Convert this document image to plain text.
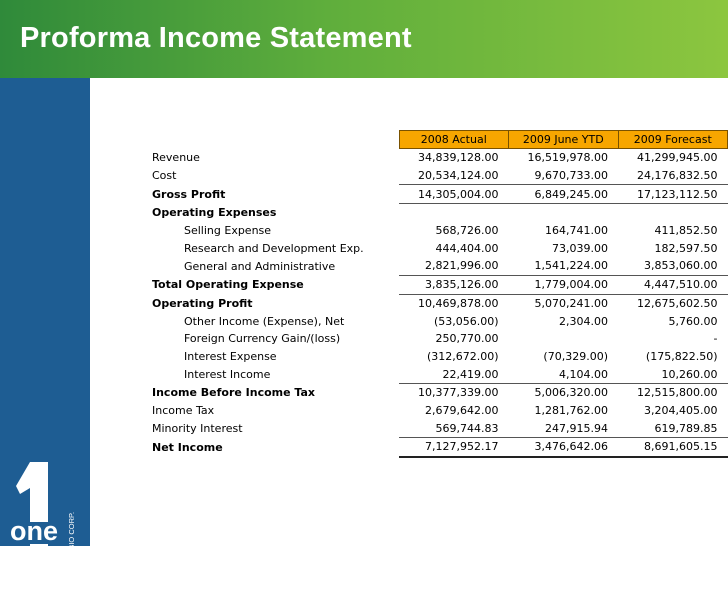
Proforma Income Statement
one ONE BIO CORP.
19
	2008 Actual	2009 June YTD	2009 Forecast
Revenue	34,839,128.00	16,519,978.00	41,299,945.00
Cost	20,534,124.00	9,670,733.00	24,176,832.50
Gross Profit	14,305,004.00	6,849,245.00	17,123,112.50
Operating Expenses			
Selling Expense	568,726.00	164,741.00	411,852.50
Research and Development Exp.	444,404.00	73,039.00	182,597.50
General and Administrative	2,821,996.00	1,541,224.00	3,853,060.00
Total Operating Expense	3,835,126.00	1,779,004.00	4,447,510.00
Operating Profit	10,469,878.00	5,070,241.00	12,675,602.50
Other Income (Expense), Net	(53,056.00)	2,304.00	5,760.00
Foreign Currency Gain/(loss)	250,770.00		-
Interest Expense	(312,672.00)	(70,329.00)	(175,822.50)
Interest Income	22,419.00	4,104.00	10,260.00
Income Before Income Tax	10,377,339.00	5,006,320.00	12,515,800.00
Income Tax	2,679,642.00	1,281,762.00	3,204,405.00
Minority Interest	569,744.83	247,915.94	619,789.85
Net Income	7,127,952.17	3,476,642.06	8,691,605.15
